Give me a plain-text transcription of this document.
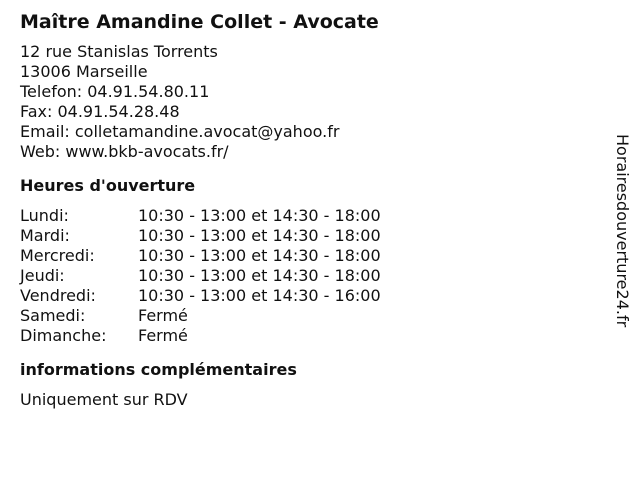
Maître Amandine Collet - Avocate
12 rue Stanislas Torrents
13006 Marseille
Telefon: 04.91.54.80.11
Fax: 04.91.54.28.48
Email: colletamandine.avocat@yahoo.fr
Web: www.bkb-avocats.fr/
Heures d'ouverture
Lundi:	10:30 - 13:00 et 14:30 - 18:00
Mardi:	10:30 - 13:00 et 14:30 - 18:00
Mercredi:	10:30 - 13:00 et 14:30 - 18:00
Jeudi:	10:30 - 13:00 et 14:30 - 18:00
Vendredi:	10:30 - 13:00 et 14:30 - 16:00
Samedi:	Fermé
Dimanche:	Fermé
informations complémentaires
Uniquement sur RDV
Horairesdouverture24.fr
